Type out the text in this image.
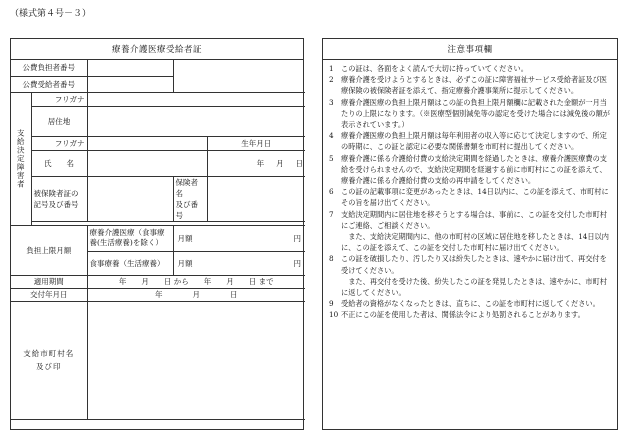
（様式第４号－３）
療養介護医療受給者証
公費負担者番号			

公費受給者番号			

支給決定障害者	フリガナ			
	居住地			
	フリガナ			生年月日
	氏　　名			年 月 日
	被保険者証の
記号及び番号		保険者名
及び番号	

負担上限月額		療養介護医療（食事療養(生活療養)を除く）	月額 円	

		食事療養（生活療養）	月額 円	

適用期間		年　　月　　日 から　　年　　月　　日 まで		
交付年月日		年　　　　月　　　　日		
支給市町村名
及び印				
注意事項欄
1	この証は、各面をよく読んで大切に持っていてください。
2	療養介護を受けようとするときは、必ずこの証に障害福祉サービス受給者証及び医療保険の被保険者証を添えて、指定療養介護事業所に提示してください。
3	療養介護医療の負担上限月額はこの証の負担上限月額欄に記載された金額が一月当たりの上限になります。（※医療型個別減免等の認定を受けた場合には減免後の額が表示されています。）
4	療養介護医療の負担上限月額は毎年利用者の収入等に応じて決定しますので、所定の時期に、この証と認定に必要な関係書類を市町村に提出してください。
5	療養介護に係る介護給付費の支給決定期間を経過したときは、療養介護医療費の支給を受けられませんので、支給決定期間を経過する前に市町村にこの証を添えて、療養介護に係る介護給付費の支給の再申請をしてください。
6	この証の記載事項に変更があったときは、14日以内に、この証を添えて、市町村にその旨を届け出てください。
7	支給決定期間内に居住地を移そうとする場合は、事前に、この証を交付した市町村にご連絡、ご相談ください。
また、支給決定期間内に、他の市町村の区域に居住地を移したときは、14日以内に、この証を添えて、この証を交付した市町村に届け出てください。
8	この証を破損したり、汚したり又は紛失したときは、速やかに届け出て、再交付を受けてください。
また、再交付を受けた後、紛失したこの証を発見したときは、速やかに、市町村に返してください。
9	受給者の資格がなくなったときは、直ちに、この証を市町村に返してください。
10 不正にこの証を使用した者は、関係法令により処罰されることがあります。
